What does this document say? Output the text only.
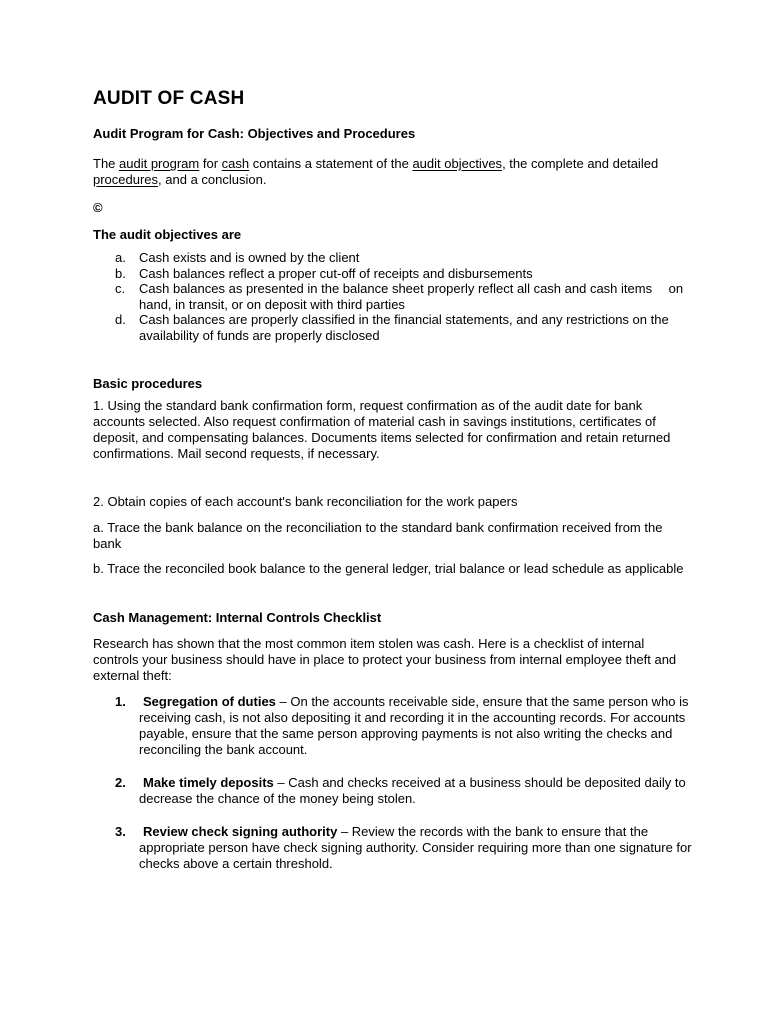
AUDIT OF CASH
Audit Program for Cash: Objectives and Procedures

The audit program for cash contains a statement of the audit objectives, the complete and detailed procedures, and a conclusion.

©

The audit objectives are
a. Cash exists and is owned by the client
b. Cash balances reflect a proper cut-off of receipts and disbursements
c. Cash balances as presented in the balance sheet properly reflect all cash and cash items  on hand, in transit, or on deposit with third parties
d. Cash balances are properly classified in the financial statements, and any restrictions on the availability of funds are properly disclosed
Basic procedures

1. Using the standard bank confirmation form, request confirmation as of the audit date for bank accounts selected. Also request confirmation of material cash in savings institutions, certificates of deposit, and compensating balances. Documents items selected for confirmation and retain returned confirmations. Mail second requests, if necessary.

2. Obtain copies of each account's bank reconciliation for the work papers

a. Trace the bank balance on the reconciliation to the standard bank confirmation received from the bank

b. Trace the reconciled book balance to the general ledger, trial balance or lead schedule as applicable

Cash Management: Internal Controls Checklist

Research has shown that the most common item stolen was cash. Here is a checklist of internal controls your business should have in place to protect your business from internal employee theft and external theft:

1. Segregation of duties – On the accounts receivable side, ensure that the same person who is receiving cash, is not also depositing it and recording it in the accounting records. For accounts payable, ensure that the same person approving payments is not also writing the checks and reconciling the bank account.
2. Make timely deposits – Cash and checks received at a business should be deposited daily to decrease the chance of the money being stolen.
3. Review check signing authority – Review the records with the bank to ensure that the appropriate person have check signing authority. Consider requiring more than one signature for checks above a certain threshold.
